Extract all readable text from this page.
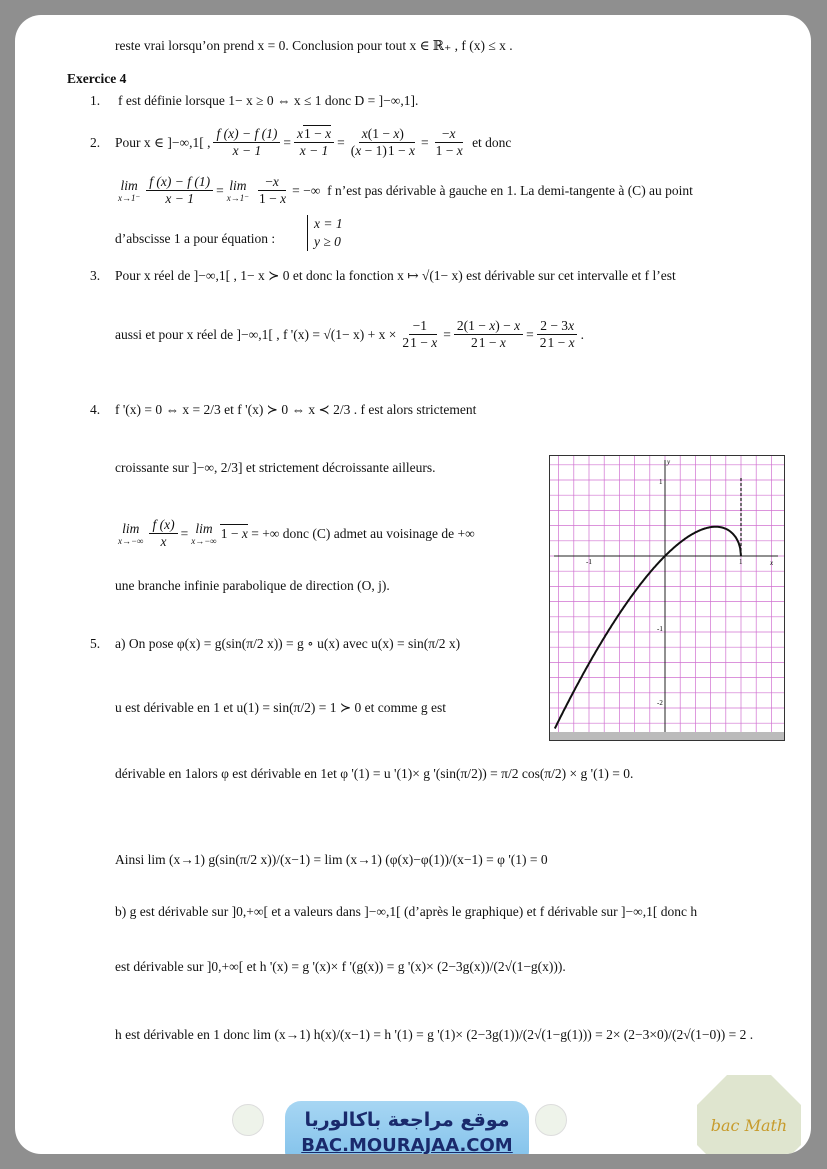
reste vrai lorsqu’on prend x = 0. Conclusion pour tout x ∈ ℝ₊ , f (x) ≤ x .
Exercice 4
1. f est définie lorsque 1− x ≥ 0 ⇔ x ≤ 1 donc D = ]−∞,1].
2. Pour x ∈ ]−∞,1[ , $\frac{f (x) - f (1)}{x - 1} = \frac{x1 - x}{x - 1} = \frac{x(1 - x)}{(x - 1)1 - x} = \frac{-x}{1 - x}$
et donc
lim
$x\to 1^- \frac{f (x) - f (1)}{x - 1} = \lim$
$x\to 1^- \frac{-x}{1 - x}$ = −∞ f n’est pas dérivable à gauche en 1. La demi-tangente à (C) au point
d’abscisse 1 a pour équation :
x = 1
y ≥ 0
3. Pour x réel de ]−∞,1[ , 1− x ≻ 0 et donc la fonction x ↦ √(1− x) est dérivable sur cet intervalle et f l’est
aussi et pour x réel de ]−∞,1[ , f '$(x) = √(1- x) + x \times \frac{-1}{21 - x} = \frac{2(1 - x) - x}{21 - x} = \frac{2 - 3x}{21 - x}$ .
4. f '(x) = 0 ⇔ x = 2/3 et f '(x) ≻ 0 ⇔ x ≺ 2/3 . f est alors strictement
croissante sur ]−∞, 2/3] et strictement décroissante ailleurs.
lim
$x\to-\infty \frac{f (x)}{x} = \lim$
x→−∞ 1 − x
= +∞ donc (C) admet au voisinage de +∞
une branche infinie parabolique de direction (O, j).
x
y
1
-1
-2
1
-1
5. a) On pose φ(x) = g(sin(π/2 x)) = g ∘ u(x) avec u(x) = sin(π/2 x)
u est dérivable en 1 et u(1) = sin(π/2) = 1 ≻ 0 et comme g est
dérivable en 1alors φ est dérivable en 1et φ '(1) = u '(1)× g '(sin(π/2)) = π/2 cos(π/2) × g '(1) = 0.
Ainsi lim (x→1) g(sin(π/2 x))/(x−1) = lim (x→1) (φ(x)−φ(1))/(x−1) = φ '(1) = 0
b) g est dérivable sur ]0,+∞[ et a valeurs dans ]−∞,1[ (d’après le graphique) et f dérivable sur ]−∞,1[ donc h
est dérivable sur ]0,+∞[ et h '(x) = g '(x)× f '(g(x)) = g '(x)× (2−3g(x))/(2√(1−g(x))).
h est dérivable en 1 donc lim (x→1) h(x)/(x−1) = h '(1) = g '(1)× (2−3g(1))/(2√(1−g(1))) = 2× (2−3×0)/(2√(1−0)) = 2 .
موقع مراجعة باكالوريا
BAC.MOURAJAA.COM
bac Math
